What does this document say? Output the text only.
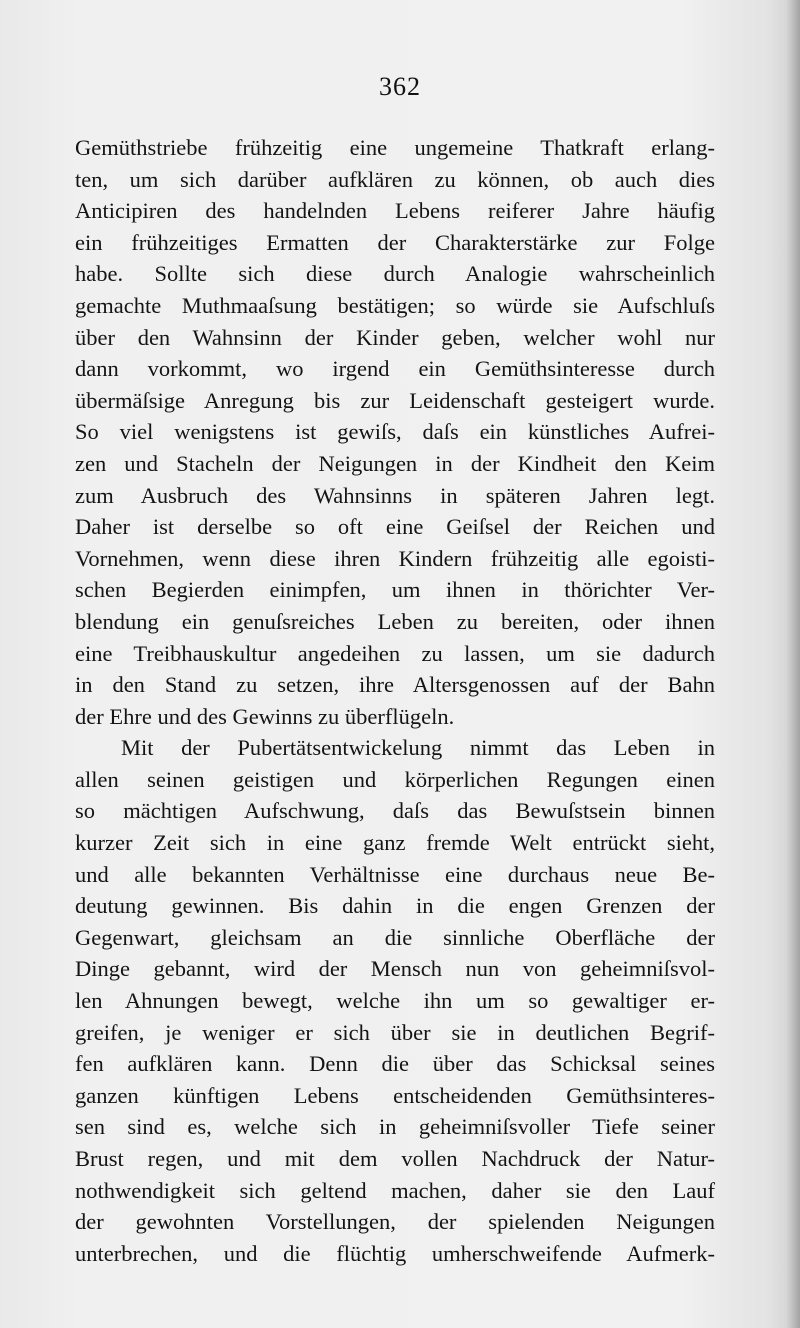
362
Gemüthstriebe frühzeitig eine ungemeine Thatkraft erlang-
ten, um sich darüber aufklären zu können, ob auch dies
Anticipiren des handelnden Lebens reiferer Jahre häufig
ein frühzeitiges Ermatten der Charakterstärke zur Folge
habe. Sollte sich diese durch Analogie wahrscheinlich
gemachte Muthmaaſsung bestätigen; so würde sie Aufschluſs
über den Wahnsinn der Kinder geben, welcher wohl nur
dann vorkommt, wo irgend ein Gemüthsinteresse durch
übermäſsige Anregung bis zur Leidenschaft gesteigert wurde.
So viel wenigstens ist gewiſs, daſs ein künstliches Aufrei-
zen und Stacheln der Neigungen in der Kindheit den Keim
zum Ausbruch des Wahnsinns in späteren Jahren legt.
Daher ist derselbe so oft eine Geiſsel der Reichen und
Vornehmen, wenn diese ihren Kindern frühzeitig alle egoisti-
schen Begierden einimpfen, um ihnen in thörichter Ver-
blendung ein genuſsreiches Leben zu bereiten, oder ihnen
eine Treibhauskultur angedeihen zu lassen, um sie dadurch
in den Stand zu setzen, ihre Altersgenossen auf der Bahn
der Ehre und des Gewinns zu überflügeln.
Mit der Pubertätsentwickelung nimmt das Leben in
allen seinen geistigen und körperlichen Regungen einen
so mächtigen Aufschwung, daſs das Bewuſstsein binnen
kurzer Zeit sich in eine ganz fremde Welt entrückt sieht,
und alle bekannten Verhältnisse eine durchaus neue Be-
deutung gewinnen. Bis dahin in die engen Grenzen der
Gegenwart, gleichsam an die sinnliche Oberfläche der
Dinge gebannt, wird der Mensch nun von geheimniſsvol-
len Ahnungen bewegt, welche ihn um so gewaltiger er-
greifen, je weniger er sich über sie in deutlichen Begrif-
fen aufklären kann. Denn die über das Schicksal seines
ganzen künftigen Lebens entscheidenden Gemüthsinteres-
sen sind es, welche sich in geheimniſsvoller Tiefe seiner
Brust regen, und mit dem vollen Nachdruck der Natur-
nothwendigkeit sich geltend machen, daher sie den Lauf
der gewohnten Vorstellungen, der spielenden Neigungen
unterbrechen, und die flüchtig umherschweifende Aufmerk-
